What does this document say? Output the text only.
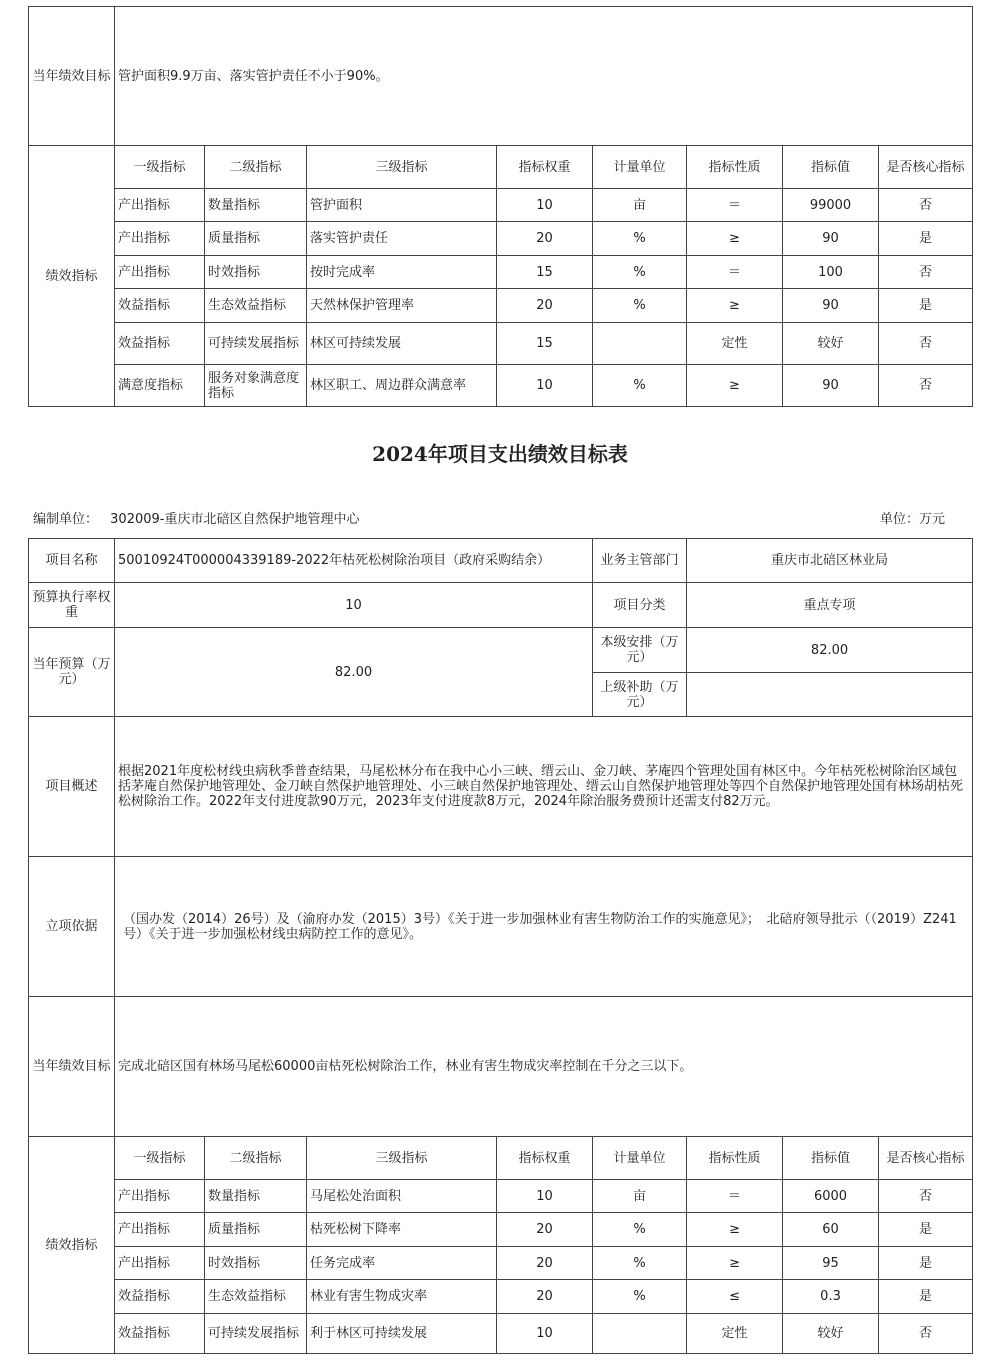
当年绩效目标	管护面积9.9万亩、落实管护责任不小于90%。							
绩效指标	一级指标	二级指标	三级指标	指标权重	计量单位	指标性质	指标值	是否核心指标
	产出指标	数量指标	管护面积	10	亩	＝	99000	否
	产出指标	质量指标	落实管护责任	20	%	≥	90	是
	产出指标	时效指标	按时完成率	15	%	＝	100	否
	效益指标	生态效益指标	天然林保护管理率	20	%	≥	90	是
	效益指标	可持续发展指标	林区可持续发展	15		定性	较好	否
	满意度指标	服务对象满意度指标	林区职工、周边群众满意率	10	%	≥	90	否
2024年项目支出绩效目标表
编制单位： 302009-重庆市北碚区自然保护地管理中心	单位：万元
项目名称	50010924T000004339189-2022年枯死松树除治项目（政府采购结余）				业务主管部门	重庆市北碚区林业局		
预算执行率权重	10				项目分类	重点专项		
当年预算（万元）	82.00				本级安排（万元）	82.00		
					上级补助（万元）			
项目概述	根据2021年度松材线虫病秋季普查结果，马尾松林分布在我中心小三峡、缙云山、金刀峡、茅庵四个管理处国有林区中。今年枯死松树除治区域包括茅庵自然保护地管理处、金刀峡自然保护地管理处、小三峡自然保护地管理处、缙云山自然保护地管理处等四个自然保护地管理处国有林场胡枯死松树除治工作。2022年支付进度款90万元，2023年支付进度款8万元，2024年除治服务费预计还需支付82万元。							
立项依据	（国办发（2014）26号）及（渝府办发（2015）3号）《关于进一步加强林业有害生物防治工作的实施意见》；　北碚府领导批示（（2019）Z241号）《关于进一步加强松材线虫病防控工作的意见》。							
当年绩效目标	完成北碚区国有林场马尾松60000亩枯死松树除治工作，林业有害生物成灾率控制在千分之三以下。							
绩效指标	一级指标	二级指标	三级指标	指标权重	计量单位	指标性质	指标值	是否核心指标
	产出指标	数量指标	马尾松处治面积	10	亩	＝	6000	否
	产出指标	质量指标	枯死松树下降率	20	%	≥	60	是
	产出指标	时效指标	任务完成率	20	%	≥	95	是
	效益指标	生态效益指标	林业有害生物成灾率	20	%	≤	0.3	是
	效益指标	可持续发展指标	利于林区可持续发展	10		定性	较好	否
